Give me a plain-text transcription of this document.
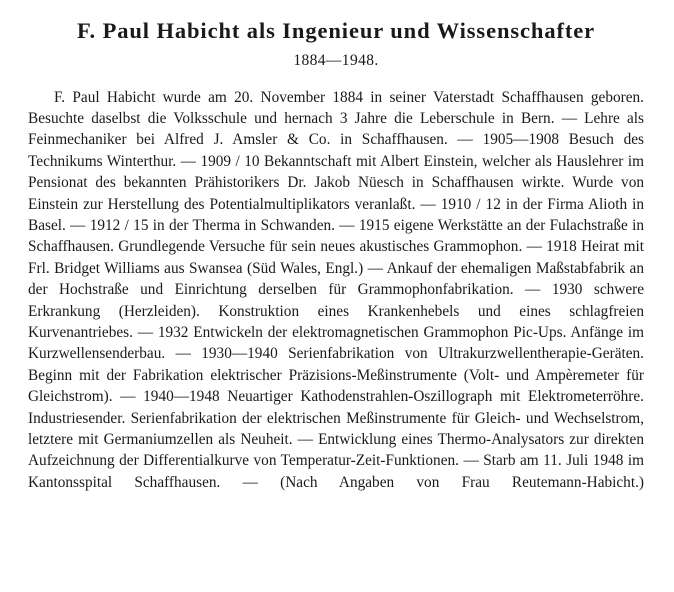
F. Paul Habicht als Ingenieur und Wissenschafter
1884—1948.

F. Paul Habicht wurde am 20. November 1884 in seiner Vaterstadt Schaffhausen geboren. Besuchte daselbst die Volksschule und hernach 3 Jahre die Leberschule in Bern. — Lehre als Feinmechaniker bei Alfred J. Amsler & Co. in Schaffhausen. — 1905—1908 Besuch des Technikums Winterthur. — 1909 / 10 Bekanntschaft mit Albert Einstein, welcher als Hauslehrer im Pensionat des bekannten Prähistorikers Dr. Jakob Nüesch in Schaffhausen wirkte. Wurde von Einstein zur Herstellung des Potentialmultiplikators veranlaßt. — 1910 / 12 in der Firma Alioth in Basel. — 1912 / 15 in der Therma in Schwanden. — 1915 eigene Werkstätte an der Fulachstraße in Schaffhausen. Grundlegende Versuche für sein neues akustisches Grammophon. — 1918 Heirat mit Frl. Bridget Williams aus Swansea (Süd Wales, Engl.) — Ankauf der ehemaligen Maßstabfabrik an der Hochstraße und Einrichtung derselben für Grammophonfabrikation. — 1930 schwere Erkrankung (Herzleiden). Konstruktion eines Krankenhebels und eines schlagfreien Kurvenantriebes. — 1932 Entwickeln der elektromagnetischen Grammophon Pic-Ups. Anfänge im Kurzwellensenderbau. — 1930—1940 Serienfabrikation von Ultrakurzwellentherapie-Geräten. Beginn mit der Fabrikation elektrischer Präzisions-Meßinstrumente (Volt- und Ampèremeter für Gleichstrom). — 1940—1948 Neuartiger Kathodenstrahlen-Oszillograph mit Elektrometerröhre. Industriesender. Serienfabrikation der elektrischen Meßinstrumente für Gleich- und Wechselstrom, letztere mit Germaniumzellen als Neuheit. — Entwicklung eines Thermo-Analysators zur direkten Aufzeichnung der Differentialkurve von Temperatur-Zeit-Funktionen. — Starb am 11. Juli 1948 im Kantonsspital Schaffhausen. — (Nach Angaben von Frau Reutemann-Habicht.)
